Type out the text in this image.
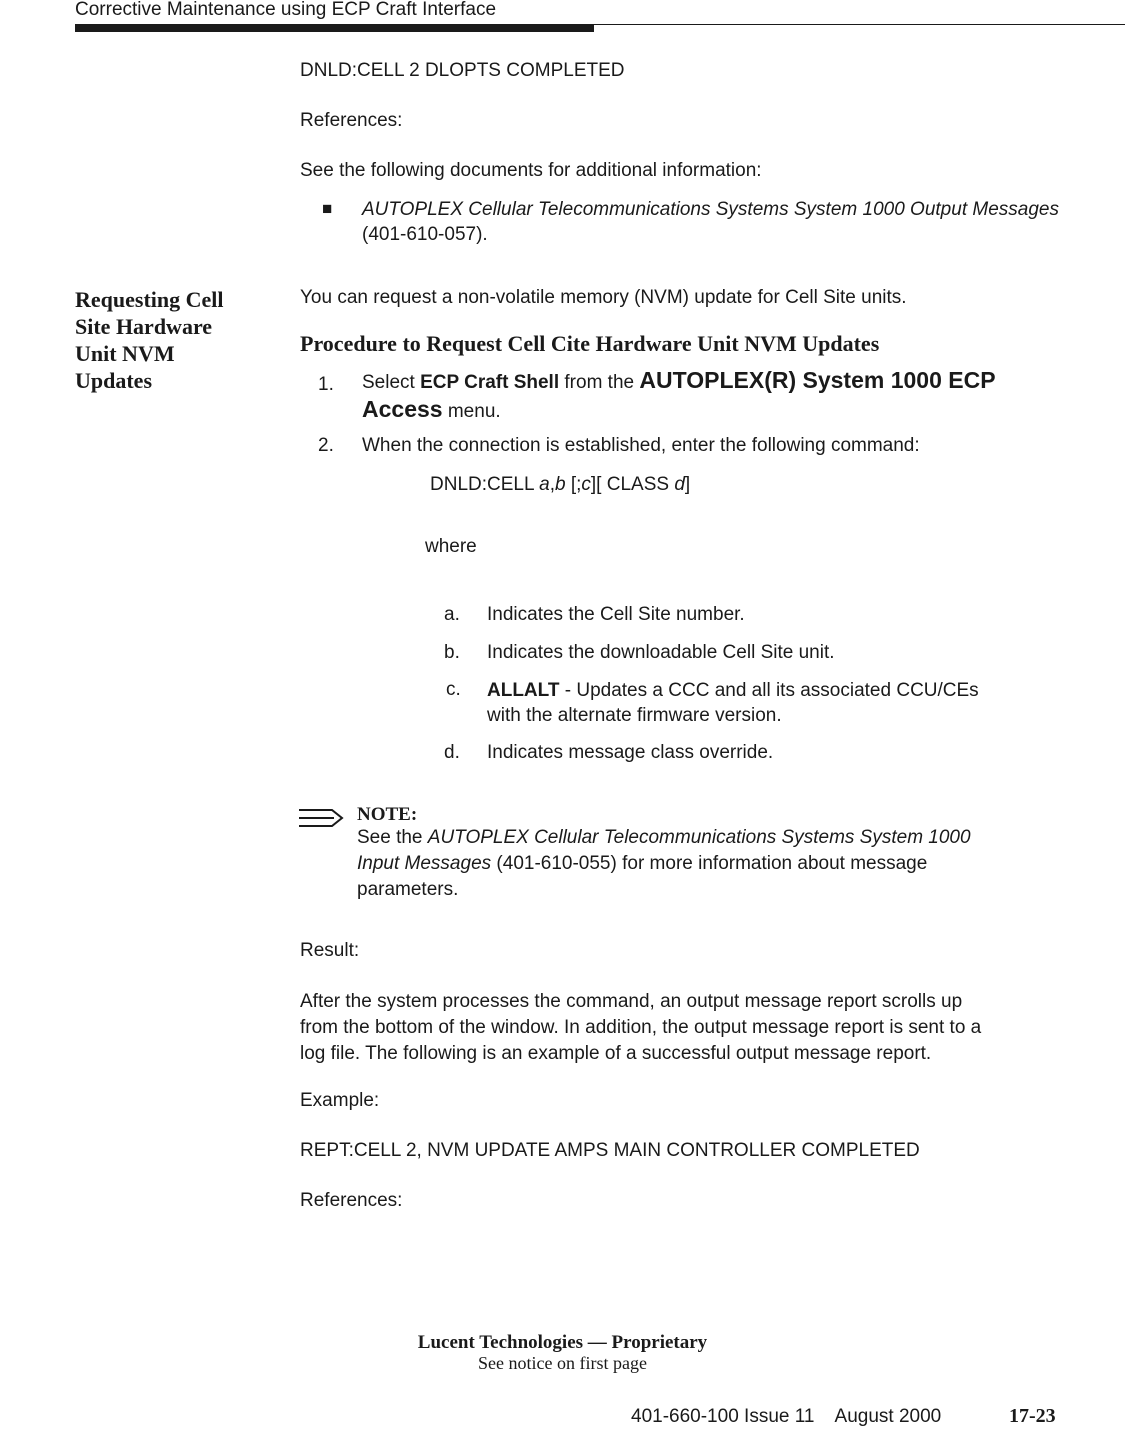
Corrective Maintenance using ECP Craft Interface
DNLD:CELL 2 DLOPTS COMPLETED
References:
See the following documents for additional information:
■ AUTOPLEX Cellular Telecommunications Systems System 1000 Output Messages (401-610-057).
Requesting Cell
Site Hardware
Unit NVM
Updates
You can request a non-volatile memory (NVM) update for Cell Site units.
Procedure to Request Cell Cite Hardware Unit NVM Updates
1. Select ECP Craft Shell from the AUTOPLEX(R) System 1000 ECP Access menu.
2. When the connection is established, enter the following command:
DNLD:CELL a,b [;c][ CLASS d]
where
a. Indicates the Cell Site number.
b. Indicates the downloadable Cell Site unit.
c. ALLALT - Updates a CCC and all its associated CCU/CEs
with the alternate firmware version.
d. Indicates message class override.
NOTE:
See the AUTOPLEX Cellular Telecommunications Systems System 1000
Input Messages (401-610-055) for more information about message
parameters.
Result:
After the system processes the command, an output message report scrolls up
from the bottom of the window. In addition, the output message report is sent to a
log file. The following is an example of a successful output message report.
Example:
REPT:CELL 2, NVM UPDATE AMPS MAIN CONTROLLER COMPLETED
References:
Lucent Technologies — Proprietary
See notice on first page
401-660-100 Issue 11    August 2000	17-23
